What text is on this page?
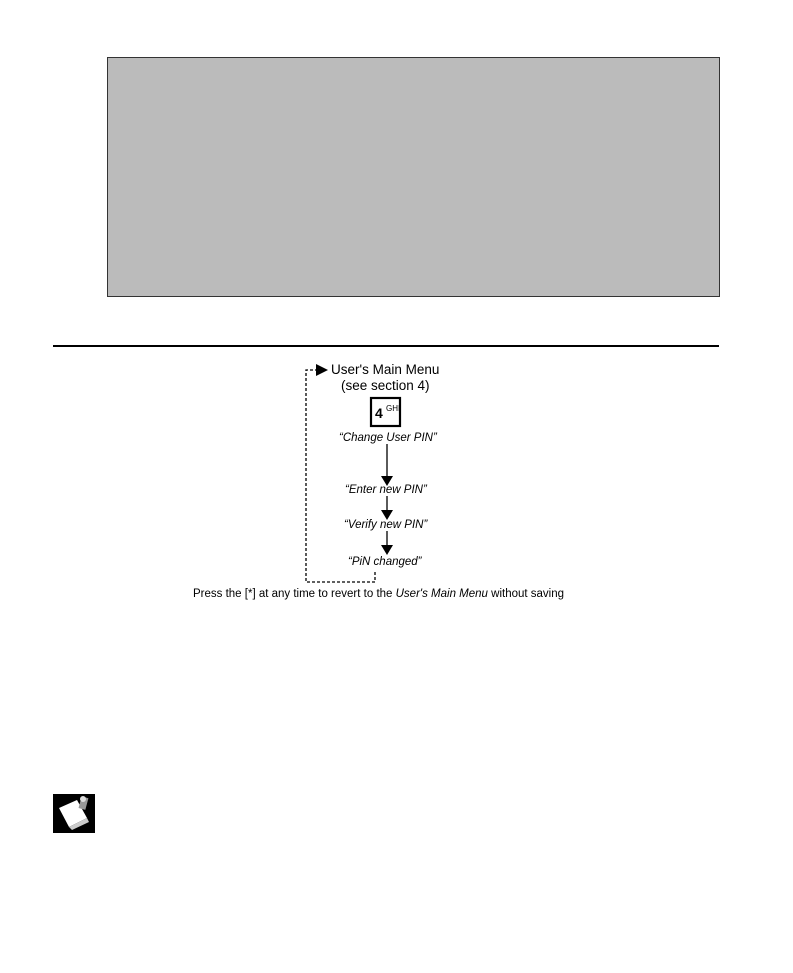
User's Main Menu
(see section 4)
4 GHI
“Change User PIN”
“Enter new PIN”
“Verify new PIN”
“PiN changed”
Press the [*] at any time to revert to the User's Main Menu without saving
